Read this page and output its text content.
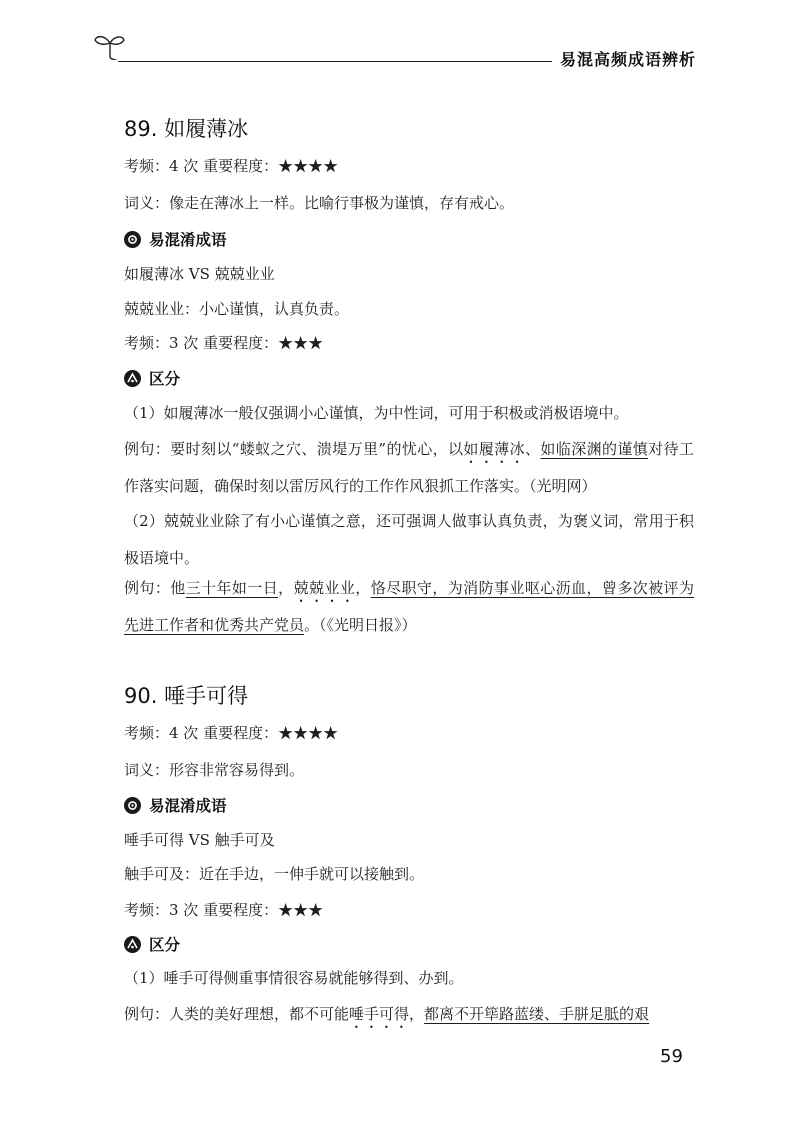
易混高频成语辨析
89. 如履薄冰
考频：4 次 重要程度：★★★★
词义：像走在薄冰上一样。比喻行事极为谨慎，存有戒心。
易混淆成语
如履薄冰 VS 兢兢业业
兢兢业业：小心谨慎，认真负责。
考频：3 次 重要程度：★★★
区分
（1）如履薄冰一般仅强调小心谨慎，为中性词，可用于积极或消极语境中。
例句：要时刻以“蝼蚁之穴、溃堤万里”的忧心，以如履薄冰、如临深渊的谨慎对待工作落实问题，确保时刻以雷厉风行的工作作风狠抓工作落实。（光明网）
（2）兢兢业业除了有小心谨慎之意，还可强调人做事认真负责，为褒义词，常用于积极语境中。
例句：他三十年如一日，兢兢业业，恪尽职守，为消防事业呕心沥血，曾多次被评为先进工作者和优秀共产党员。（《光明日报》）
90. 唾手可得
考频：4 次 重要程度：★★★★
词义：形容非常容易得到。
易混淆成语
唾手可得 VS 触手可及
触手可及：近在手边，一伸手就可以接触到。
考频：3 次 重要程度：★★★
区分
（1）唾手可得侧重事情很容易就能够得到、办到。
例句：人类的美好理想，都不可能唾手可得，都离不开筚路蓝缕、手胼足胝的艰
59
